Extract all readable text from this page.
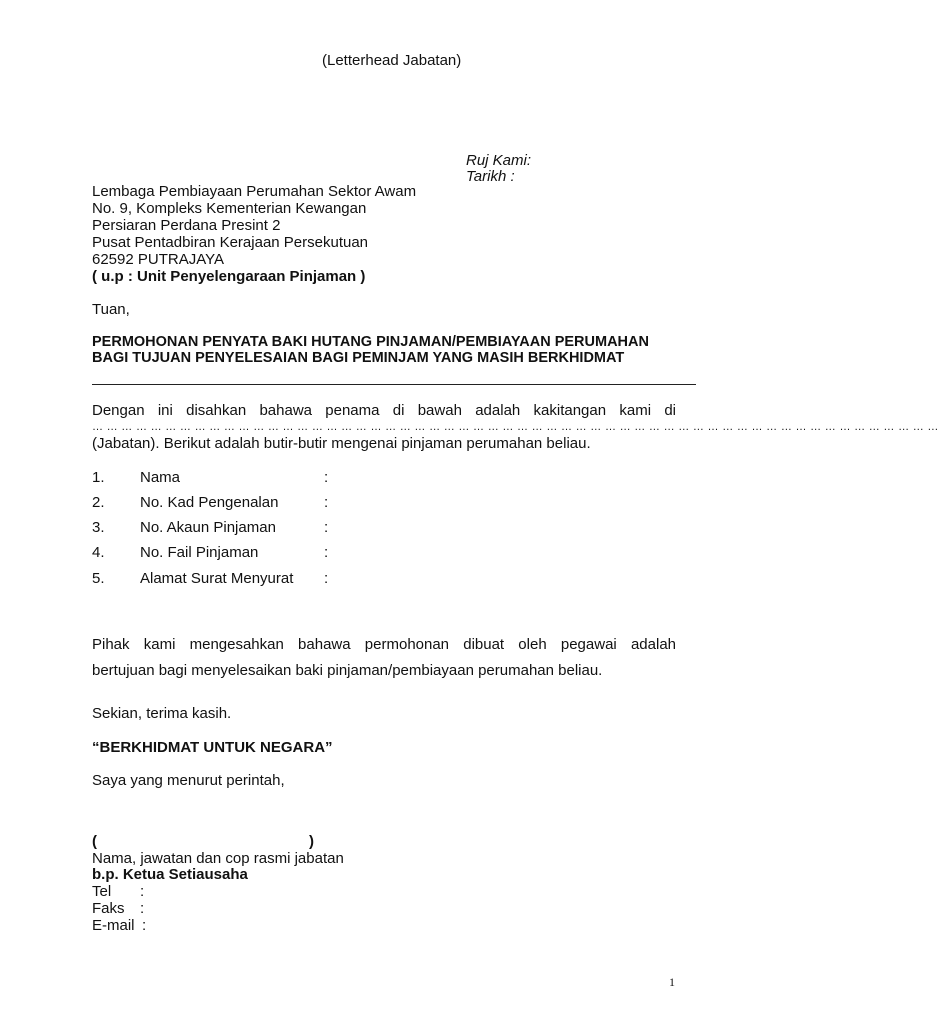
(Letterhead Jabatan)
Ruj Kami:
Tarikh :
Lembaga Pembiayaan Perumahan Sektor Awam
No. 9, Kompleks Kementerian Kewangan
Persiaran Perdana Presint 2
Pusat Pentadbiran Kerajaan Persekutuan
62592 PUTRAJAYA
( u.p : Unit Penyelengaraan Pinjaman )
Tuan,
PERMOHONAN PENYATA BAKI HUTANG PINJAMAN/PEMBIAYAAN PERUMAHAN
BAGI TUJUAN PENYELESAIAN BAGI PEMINJAM YANG MASIH BERKHIDMAT
Dengan ini disahkan bahawa penama di bawah adalah kakitangan kami di
… … … … … … … … … … … … … … … … … … … … … … … … … … … … … … … … … … … … … … … … … … … … … … … … … … … … … … … … … …
(Jabatan). Berikut adalah butir-butir mengenai pinjaman perumahan beliau.
1. Nama	:
2. No. Kad Pengenalan	:
3. No. Akaun Pinjaman	:
4. No. Fail Pinjaman	:
5. Alamat Surat Menyurat :
Pihak kami mengesahkan bahawa permohonan dibuat oleh pegawai adalah
bertujuan bagi menyelesaikan baki pinjaman/pembiayaan perumahan beliau.
Sekian, terima kasih.
“BERKHIDMAT UNTUK NEGARA”
Saya yang menurut perintah,
(	)
Nama, jawatan dan cop rasmi jabatan
b.p. Ketua Setiausaha
Tel :
Faks :
E-mail :
1
